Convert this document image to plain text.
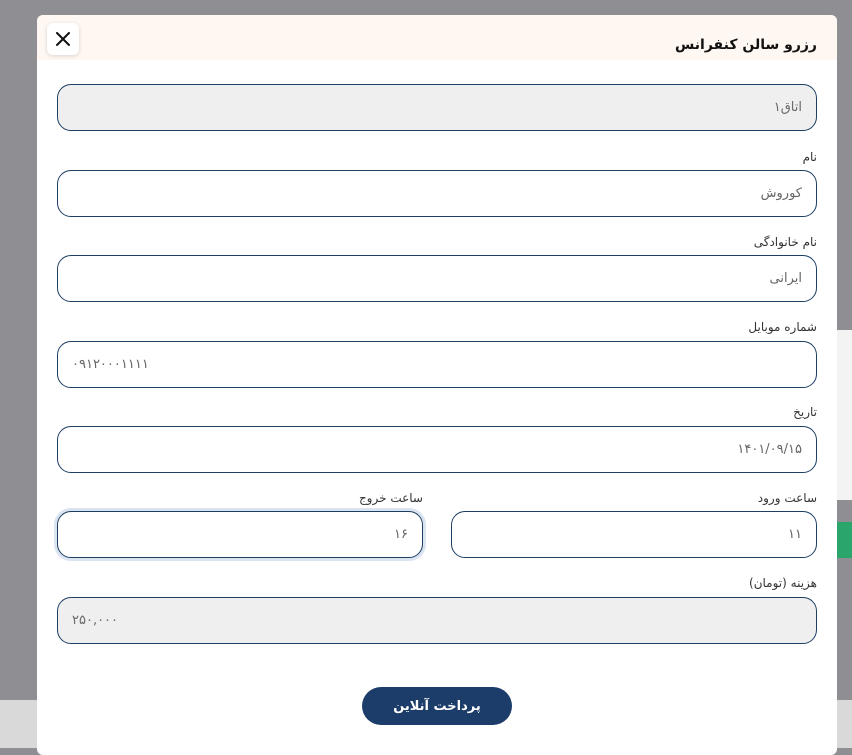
رزرو سالن کنفرانس
اتاق۱
نام
کوروش
نام خانوادگی
ایرانی
شماره موبایل
۰۹۱۲۰۰۰۱۱۱۱
تاریخ
۱۴۰۱/۰۹/۱۵
ساعت ورود
۱۱
ساعت خروج
۱۶
هزینه (تومان)
۲۵۰,۰۰۰
پرداخت آنلاین
